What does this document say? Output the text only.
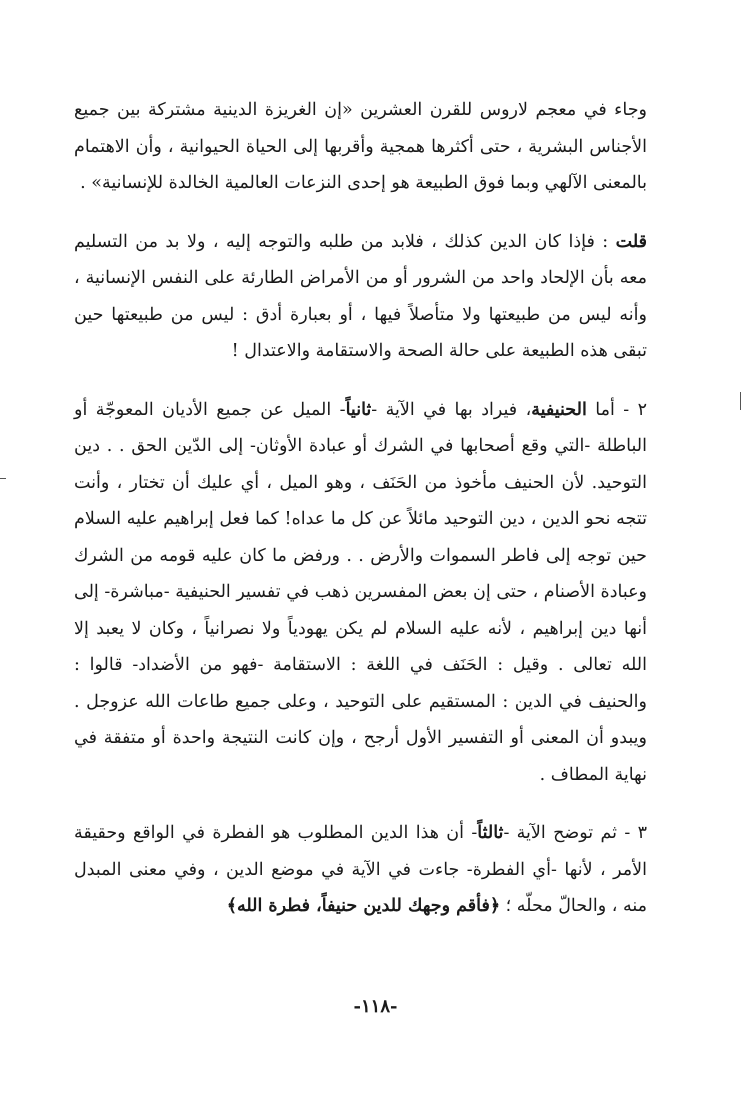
وجاء في معجم لاروس للقرن العشرين «إن الغريزة الدينية مشتركة بين جميع الأجناس البشرية ، حتى أكثرها همجية وأقربها إلى الحياة الحيوانية ، وأن الاهتمام بالمعنى الآلهي وبما فوق الطبيعة هو إحدى النزعات العالمية الخالدة للإنسانية» .

قلت : فإذا كان الدين كذلك ، فلابد من طلبه والتوجه إليه ، ولا بد من التسليم معه بأن الإلحاد واحد من الشرور أو من الأمراض الطارئة على النفس الإنسانية ، وأنه ليس من طبيعتها ولا متأصلاً فيها ، أو بعبارة أدق : ليس من طبيعتها حين تبقى هذه الطبيعة على حالة الصحة والاستقامة والاعتدال !

٢ - أما الحنيفية، فيراد بها في الآية -ثانياً- الميل عن جميع الأديان المعوجّة أو الباطلة -التي وقع أصحابها في الشرك أو عبادة الأوثان- إلى الدّين الحق . . دين التوحيد. لأن الحنيف مأخوذ من الحَنَف ، وهو الميل ، أي عليك أن تختار ، وأنت تتجه نحو الدين ، دين التوحيد مائلاً عن كل ما عداه! كما فعل إبراهيم عليه السلام حين توجه إلى فاطر السموات والأرض . . ورفض ما كان عليه قومه من الشرك وعبادة الأصنام ، حتى إن بعض المفسرين ذهب في تفسير الحنيفية -مباشرة- إلى أنها دين إبراهيم ، لأنه عليه السلام لم يكن يهودياً ولا نصرانياً ، وكان لا يعبد إلا الله تعالى . وقيل : الحَنَف في اللغة : الاستقامة -فهو من الأضداد- قالوا : والحنيف في الدين : المستقيم على التوحيد ، وعلى جميع طاعات الله عزوجل . ويبدو أن المعنى أو التفسير الأول أرجح ، وإن كانت النتيجة واحدة أو متفقة في نهاية المطاف .

٣ - ثم توضح الآية -ثالثاً- أن هذا الدين المطلوب هو الفطرة في الواقع وحقيقة الأمر ، لأنها -أي الفطرة- جاءت في الآية في موضع الدين ، وفي معنى المبدل منه ، والحالّ محلّه ؛ ﴿فأقم وجهك للدين حنيفاً، فطرة الله﴾

-١١٨-
